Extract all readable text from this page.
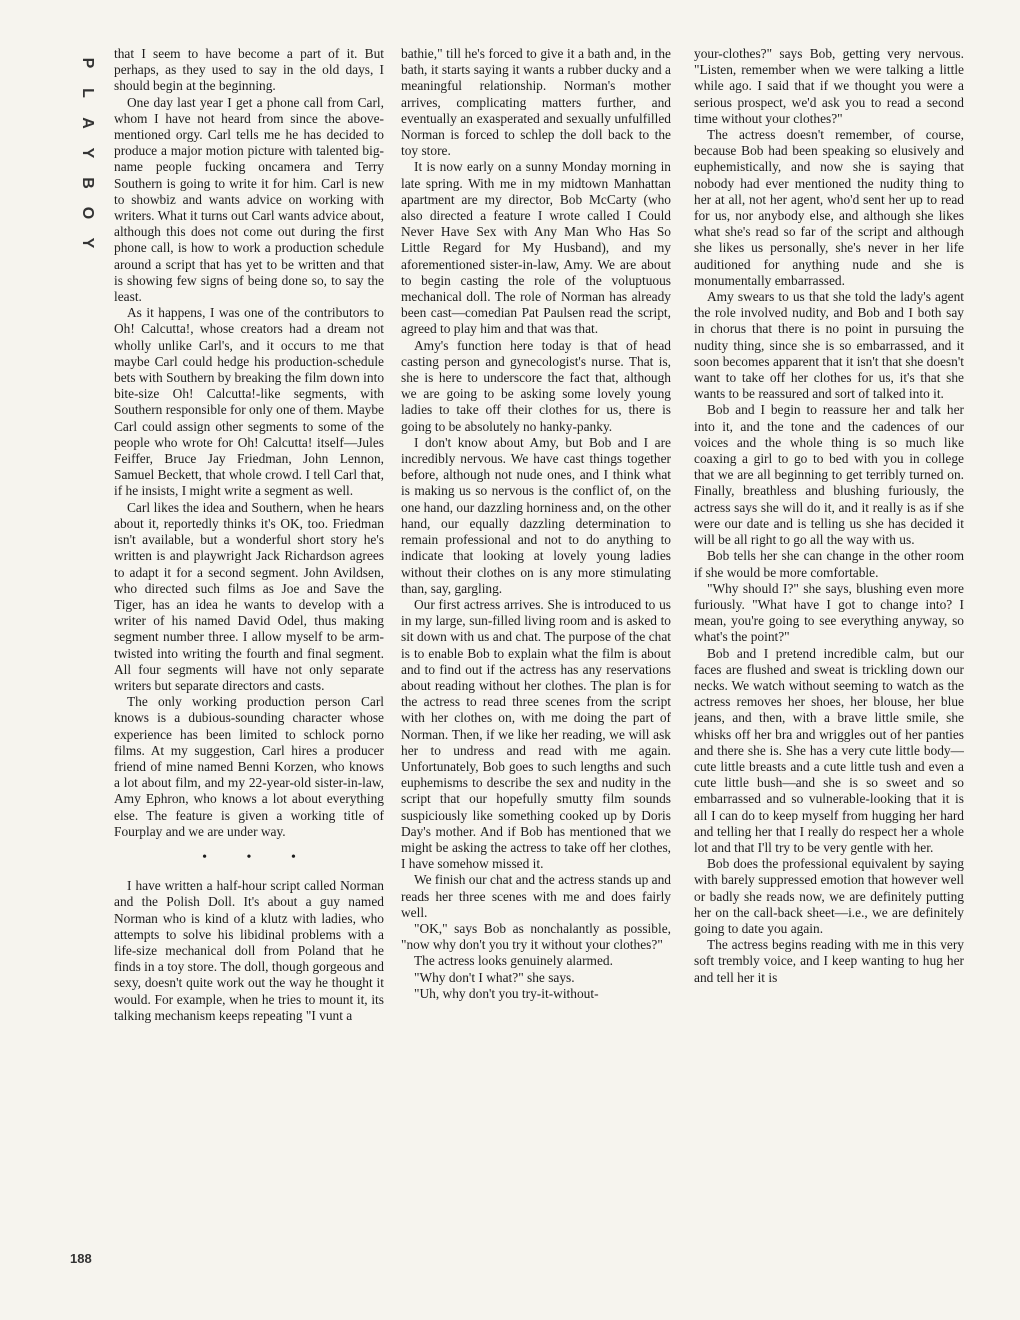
P
L
A
Y
B
O
Y
188

that I seem to have become a part of it. But perhaps, as they used to say in the old days, I should begin at the beginning.

One day last year I get a phone call from Carl, whom I have not heard from since the above-mentioned orgy. Carl tells me he has decided to produce a major motion picture with talented big-name people fucking oncamera and Terry Southern is going to write it for him. Carl is new to showbiz and wants advice on working with writers. What it turns out Carl wants advice about, although this does not come out during the first phone call, is how to work a production schedule around a script that has yet to be written and that is showing few signs of being done so, to say the least.

As it happens, I was one of the contributors to Oh! Calcutta!, whose creators had a dream not wholly unlike Carl's, and it occurs to me that maybe Carl could hedge his production-schedule bets with Southern by breaking the film down into bite-size Oh! Calcutta!-like segments, with Southern responsible for only one of them. Maybe Carl could assign other segments to some of the people who wrote for Oh! Calcutta! itself—Jules Feiffer, Bruce Jay Friedman, John Lennon, Samuel Beckett, that whole crowd. I tell Carl that, if he insists, I might write a segment as well.

Carl likes the idea and Southern, when he hears about it, reportedly thinks it's OK, too. Friedman isn't available, but a wonderful short story he's written is and playwright Jack Richardson agrees to adapt it for a second segment. John Avildsen, who directed such films as Joe and Save the Tiger, has an idea he wants to develop with a writer of his named David Odel, thus making segment number three. I allow myself to be arm-twisted into writing the fourth and final segment. All four segments will have not only separate writers but separate directors and casts.

The only working production person Carl knows is a dubious-sounding character whose experience has been limited to schlock porno films. At my suggestion, Carl hires a producer friend of mine named Benni Korzen, who knows a lot about film, and my 22-year-old sister-in-law, Amy Ephron, who knows a lot about everything else. The feature is given a working title of Fourplay and we are under way.

• • •

I have written a half-hour script called Norman and the Polish Doll. It's about a guy named Norman who is kind of a klutz with ladies, who attempts to solve his libidinal problems with a life-size mechanical doll from Poland that he finds in a toy store. The doll, though gorgeous and sexy, doesn't quite work out the way he thought it would. For example, when he tries to mount it, its talking mechanism keeps repeating "I vunt a

bathie," till he's forced to give it a bath and, in the bath, it starts saying it wants a rubber ducky and a meaningful relationship. Norman's mother arrives, complicating matters further, and eventually an exasperated and sexually unfulfilled Norman is forced to schlep the doll back to the toy store.

It is now early on a sunny Monday morning in late spring. With me in my midtown Manhattan apartment are my director, Bob McCarty (who also directed a feature I wrote called I Could Never Have Sex with Any Man Who Has So Little Regard for My Husband), and my aforementioned sister-in-law, Amy. We are about to begin casting the role of the voluptuous mechanical doll. The role of Norman has already been cast—comedian Pat Paulsen read the script, agreed to play him and that was that.

Amy's function here today is that of head casting person and gynecologist's nurse. That is, she is here to underscore the fact that, although we are going to be asking some lovely young ladies to take off their clothes for us, there is going to be absolutely no hanky-panky.

I don't know about Amy, but Bob and I are incredibly nervous. We have cast things together before, although not nude ones, and I think what is making us so nervous is the conflict of, on the one hand, our dazzling horniness and, on the other hand, our equally dazzling determination to remain professional and not to do anything to indicate that looking at lovely young ladies without their clothes on is any more stimulating than, say, gargling.

Our first actress arrives. She is introduced to us in my large, sun-filled living room and is asked to sit down with us and chat. The purpose of the chat is to enable Bob to explain what the film is about and to find out if the actress has any reservations about reading without her clothes. The plan is for the actress to read three scenes from the script with her clothes on, with me doing the part of Norman. Then, if we like her reading, we will ask her to undress and read with me again. Unfortunately, Bob goes to such lengths and such euphemisms to describe the sex and nudity in the script that our hopefully smutty film sounds suspiciously like something cooked up by Doris Day's mother. And if Bob has mentioned that we might be asking the actress to take off her clothes, I have somehow missed it.

We finish our chat and the actress stands up and reads her three scenes with me and does fairly well.

"OK," says Bob as nonchalantly as possible, "now why don't you try it without your clothes?"

The actress looks genuinely alarmed.

"Why don't I what?" she says.

"Uh, why don't you try-it-without-

your-clothes?" says Bob, getting very nervous. "Listen, remember when we were talking a little while ago. I said that if we thought you were a serious prospect, we'd ask you to read a second time without your clothes?"

The actress doesn't remember, of course, because Bob had been speaking so elusively and euphemistically, and now she is saying that nobody had ever mentioned the nudity thing to her at all, not her agent, who'd sent her up to read for us, nor anybody else, and although she likes what she's read so far of the script and although she likes us personally, she's never in her life auditioned for anything nude and she is monumentally embarrassed.

Amy swears to us that she told the lady's agent the role involved nudity, and Bob and I both say in chorus that there is no point in pursuing the nudity thing, since she is so embarrassed, and it soon becomes apparent that it isn't that she doesn't want to take off her clothes for us, it's that she wants to be reassured and sort of talked into it.

Bob and I begin to reassure her and talk her into it, and the tone and the cadences of our voices and the whole thing is so much like coaxing a girl to go to bed with you in college that we are all beginning to get terribly turned on. Finally, breathless and blushing furiously, the actress says she will do it, and it really is as if she were our date and is telling us she has decided it will be all right to go all the way with us.

Bob tells her she can change in the other room if she would be more comfortable.

"Why should I?" she says, blushing even more furiously. "What have I got to change into? I mean, you're going to see everything anyway, so what's the point?"

Bob and I pretend incredible calm, but our faces are flushed and sweat is trickling down our necks. We watch without seeming to watch as the actress removes her shoes, her blouse, her blue jeans, and then, with a brave little smile, she whisks off her bra and wriggles out of her panties and there she is. She has a very cute little body—cute little breasts and a cute little tush and even a cute little bush—and she is so sweet and so embarrassed and so vulnerable-looking that it is all I can do to keep myself from hugging her hard and telling her that I really do respect her a whole lot and that I'll try to be very gentle with her.

Bob does the professional equivalent by saying with barely suppressed emotion that however well or badly she reads now, we are definitely putting her on the call-back sheet—i.e., we are definitely going to date you again.

The actress begins reading with me in this very soft trembly voice, and I keep wanting to hug her and tell her it is
